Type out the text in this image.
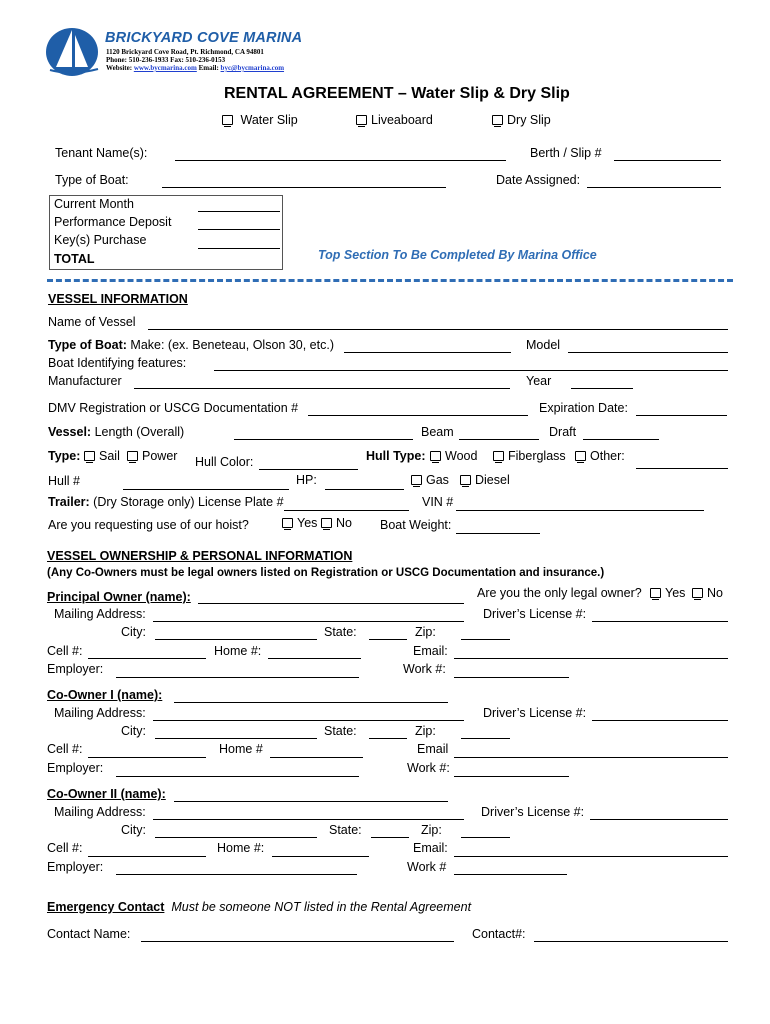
BRICKYARD COVE MARINA
1120 Brickyard Cove Road, Pt. Richmond, CA 94801
Phone: 510-236-1933 Fax: 510-236-0153
Website: www.bycmarina.com Email: byc@bycmarina.com
RENTAL AGREEMENT – Water Slip & Dry Slip
Water Slip	Liveaboard	Dry Slip
Tenant Name(s):	Berth / Slip #
Type of Boat:	Date Assigned:
Current Month
Performance Deposit
Key(s) Purchase
TOTAL	Top Section To Be Completed By Marina Office
VESSEL INFORMATION
Name of Vessel
Type of Boat: Make: (ex. Beneteau, Olson 30, etc.)	Model
Boat Identifying features:
Manufacturer	Year
DMV Registration or USCG Documentation #	Expiration Date:
Vessel: Length (Overall)	Beam	Draft
Type:	Sail	Power Hull Color:	Hull Type:	Wood	Fiberglass	Other:
Hull #	HP:	Gas	Diesel
Trailer: (Dry Storage only) License Plate #	VIN #
Are you requesting use of our hoist?	Yes	No Boat Weight:
VESSEL OWNERSHIP & PERSONAL INFORMATION
(Any Co-Owners must be legal owners listed on Registration or USCG Documentation and insurance.)
Are you the only legal owner?	Yes	No
Principal Owner (name):
Mailing Address:	Driver’s License #:
City:	State:	Zip:
Cell #:	Home #:	Email:
Employer:	Work #:
Co-Owner I (name):
Mailing Address:	Driver’s License #:
City:	State:	Zip:
Cell #:	Home #	Email
Employer:	Work #:
Co-Owner II (name):
Mailing Address:	Driver’s License #:
City:	State:	Zip:
Cell #:	Home #:	Email:
Employer:	Work #
Emergency Contact Must be someone NOT listed in the Rental Agreement
Contact Name:	Contact#:
